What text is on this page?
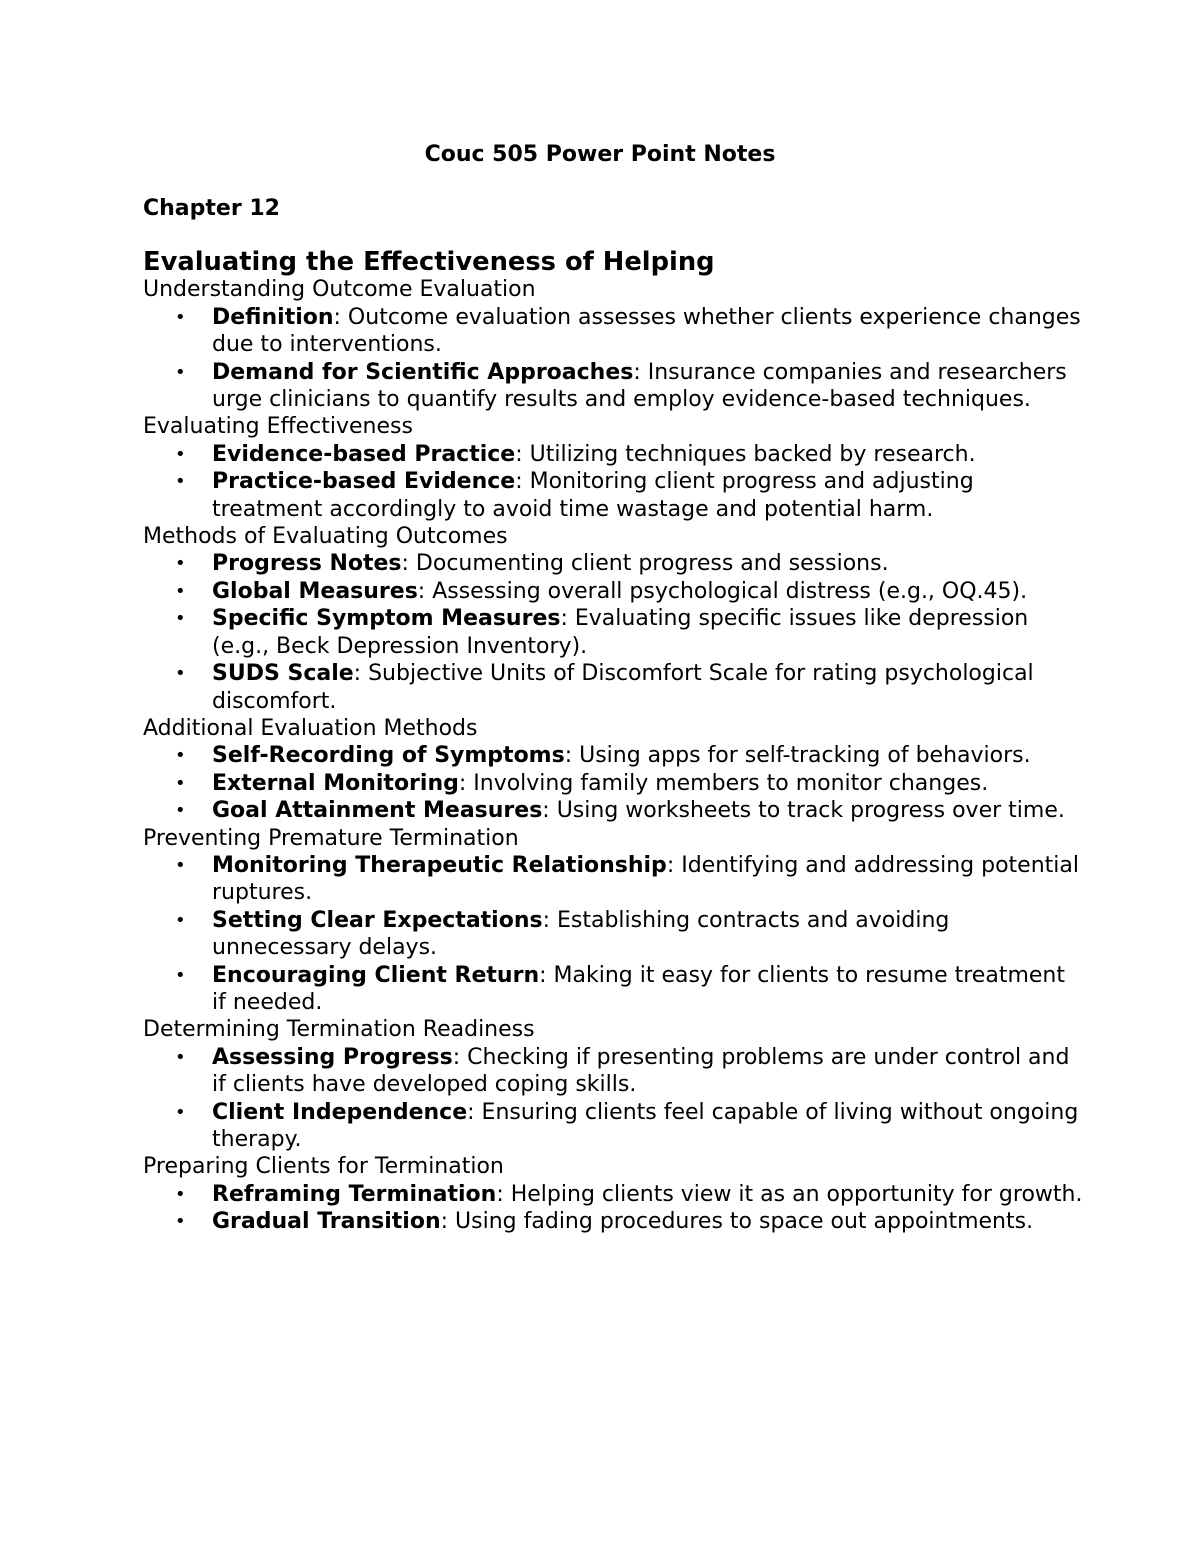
Couc 505 Power Point Notes
Chapter 12
Evaluating the Effectiveness of Helping
Understanding Outcome Evaluation
• Definition: Outcome evaluation assesses whether clients experience changes due to interventions.
• Demand for Scientific Approaches: Insurance companies and researchers urge clinicians to quantify results and employ evidence-based techniques.
Evaluating Effectiveness
• Evidence-based Practice: Utilizing techniques backed by research.
• Practice-based Evidence: Monitoring client progress and adjusting treatment accordingly to avoid time wastage and potential harm.
Methods of Evaluating Outcomes
• Progress Notes: Documenting client progress and sessions.
• Global Measures: Assessing overall psychological distress (e.g., OQ.45).
• Specific Symptom Measures: Evaluating specific issues like depression (e.g., Beck Depression Inventory).
• SUDS Scale: Subjective Units of Discomfort Scale for rating psychological discomfort.
Additional Evaluation Methods
• Self-Recording of Symptoms: Using apps for self-tracking of behaviors.
• External Monitoring: Involving family members to monitor changes.
• Goal Attainment Measures: Using worksheets to track progress over time.
Preventing Premature Termination
• Monitoring Therapeutic Relationship: Identifying and addressing potential ruptures.
• Setting Clear Expectations: Establishing contracts and avoiding unnecessary delays.
• Encouraging Client Return: Making it easy for clients to resume treatment if needed.
Determining Termination Readiness
• Assessing Progress: Checking if presenting problems are under control and if clients have developed coping skills.
• Client Independence: Ensuring clients feel capable of living without ongoing therapy.
Preparing Clients for Termination
• Reframing Termination: Helping clients view it as an opportunity for growth.
• Gradual Transition: Using fading procedures to space out appointments.
